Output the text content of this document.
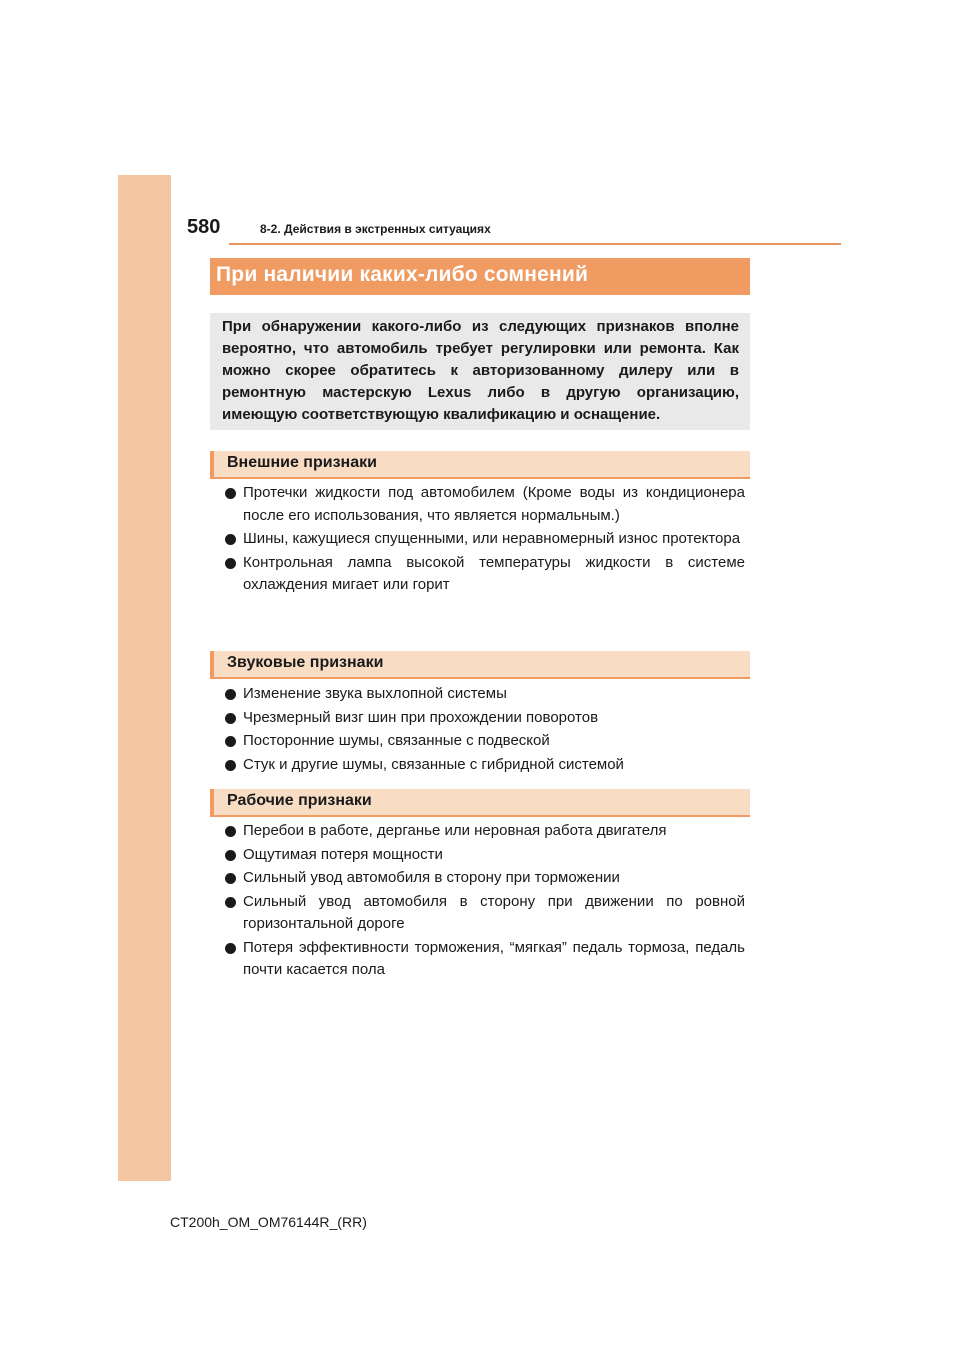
580	8-2. Действия в экстренных ситуациях
При наличии каких-либо сомнений

При обнаружении какого-либо из следующих признаков вполне вероятно, что автомобиль требует регулировки или ремонта. Как можно скорее обратитесь к авторизованному дилеру или в ремонтную мастерскую Lexus либо в другую организацию, имеющую соответствующую квалификацию и оснащение.

Внешние признаки
Протечки жидкости под автомобилем (Кроме воды из кондиционера после его использования, что является нормальным.)
Шины, кажущиеся спущенными, или неравномерный износ протектора
Контрольная лампа высокой температуры жидкости в системе охлаждения мигает или горит
Звуковые признаки
Изменение звука выхлопной системы
Чрезмерный визг шин при прохождении поворотов
Посторонние шумы, связанные с подвеской
Стук и другие шумы, связанные с гибридной системой
Рабочие признаки
Перебои в работе, дерганье или неровная работа двигателя
Ощутимая потеря мощности
Сильный увод автомобиля в сторону при торможении
Сильный увод автомобиля в сторону при движении по ровной горизонтальной дороге
Потеря эффективности торможения, “мягкая” педаль тормоза, педаль почти касается пола
CT200h_OM_OM76144R_(RR)
